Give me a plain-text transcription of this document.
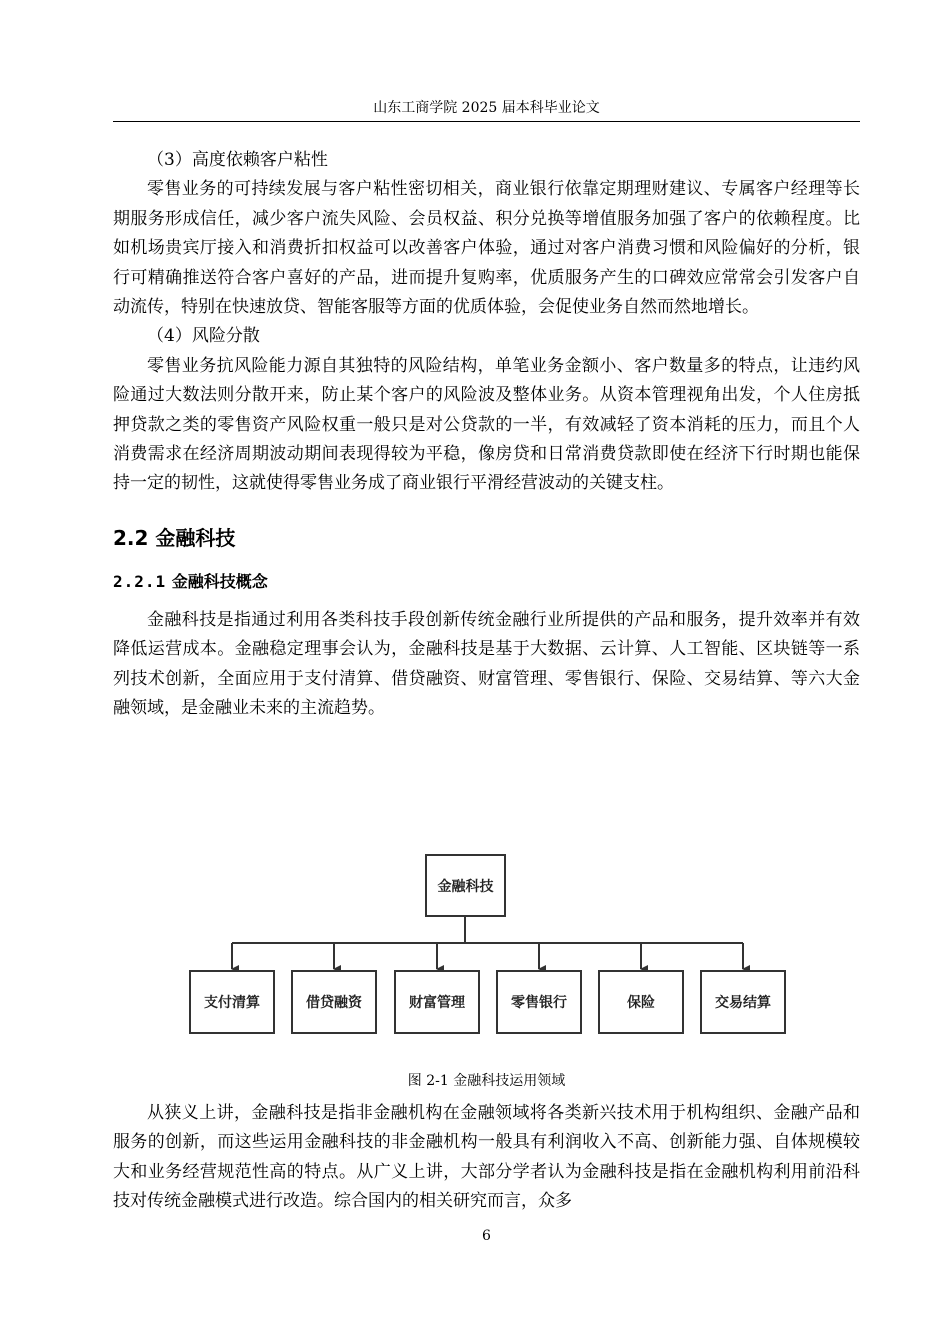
山东工商学院 2025 届本科毕业论文

（3）高度依赖客户粘性

零售业务的可持续发展与客户粘性密切相关，商业银行依靠定期理财建议、专属客户经理等长期服务形成信任，减少客户流失风险、会员权益、积分兑换等增值服务加强了客户的依赖程度。比如机场贵宾厅接入和消费折扣权益可以改善客户体验，通过对客户消费习惯和风险偏好的分析，银行可精确推送符合客户喜好的产品，进而提升复购率，优质服务产生的口碑效应常常会引发客户自动流传，特别在快速放贷、智能客服等方面的优质体验，会促使业务自然而然地增长。

（4）风险分散

零售业务抗风险能力源自其独特的风险结构，单笔业务金额小、客户数量多的特点，让违约风险通过大数法则分散开来，防止某个客户的风险波及整体业务。从资本管理视角出发，个人住房抵押贷款之类的零售资产风险权重一般只是对公贷款的一半，有效减轻了资本消耗的压力，而且个人消费需求在经济周期波动期间表现得较为平稳，像房贷和日常消费贷款即使在经济下行时期也能保持一定的韧性，这就使得零售业务成了商业银行平滑经营波动的关键支柱。

2.2 金融科技
2.2.1 金融科技概念

金融科技是指通过利用各类科技手段创新传统金融行业所提供的产品和服务，提升效率并有效降低运营成本。金融稳定理事会认为，金融科技是基于大数据、云计算、人工智能、区块链等一系列技术创新，全面应用于支付清算、借贷融资、财富管理、零售银行、保险、交易结算、等六大金融领域，是金融业未来的主流趋势。

金融科技
支付清算	借贷融资	财富管理	零售银行	保险	交易结算
图 2-1 金融科技运用领域

从狭义上讲，金融科技是指非金融机构在金融领域将各类新兴技术用于机构组织、金融产品和服务的创新，而这些运用金融科技的非金融机构一般具有利润收入不高、创新能力强、自体规模较大和业务经营规范性高的特点。从广义上讲，大部分学者认为金融科技是指在金融机构利用前沿科技对传统金融模式进行改造。综合国内的相关研究而言，众多

6
